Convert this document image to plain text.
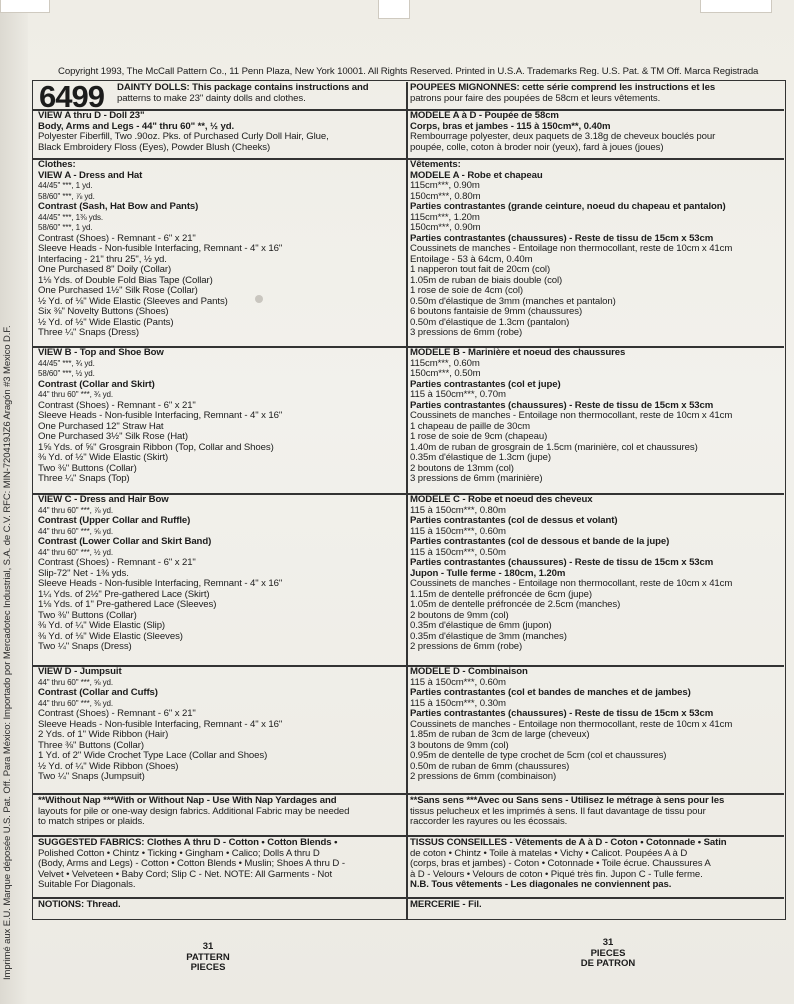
Copyright 1993, The McCall Pattern Co., 11 Penn Plaza, New York 10001. All Rights Reserved. Printed in U.S.A. Trademarks Reg. U.S. Pat. & TM Off. Marca Registrada
Imprimé aux E.U. Marque déposée U.S. Pat. Off. Para México: Importado por Mercadotec Industrial, S.A. de C.V. RFC: MIN-720419JZ6 Aragón #3 Mexico D.F.
6499 DAINTY DOLLS: This package contains instructions and
patterns to make 23" dainty dolls and clothes.
VIEW A thru D - Doll 23"
Body, Arms and Legs - 44" thru 60" **, ½ yd.
Polyester Fiberfill, Two .90oz. Pks. of Purchased Curly Doll Hair, Glue,
Black Embroidery Floss (Eyes), Powder Blush (Cheeks)
Clothes:
VIEW A - Dress and Hat
44/45" ***, 1 yd.
58/60" ***, ⅞ yd.
Contrast (Sash, Hat Bow and Pants)
44/45" ***, 1⅜ yds.
58/60" ***, 1 yd.
Contrast (Shoes) - Remnant - 6" x 21"
Sleeve Heads - Non-fusible Interfacing, Remnant - 4" x 16"
Interfacing - 21" thru 25", ½ yd.
One Purchased 8" Doily (Collar)
1⅛ Yds. of Double Fold Bias Tape (Collar)
One Purchased 1½" Silk Rose (Collar)
½ Yd. of ⅛" Wide Elastic (Sleeves and Pants)
Six ⅜" Novelty Buttons (Shoes)
½ Yd. of ½" Wide Elastic (Pants)
Three ¼" Snaps (Dress)
VIEW B - Top and Shoe Bow
44/45" ***, ¾ yd.
58/60" ***, ½ yd.
Contrast (Collar and Skirt)
44" thru 60" ***, ¾ yd.
Contrast (Shoes) - Remnant - 6" x 21"
Sleeve Heads - Non-fusible Interfacing, Remnant - 4" x 16"
One Purchased 12" Straw Hat
One Purchased 3½" Silk Rose (Hat)
1⅝ Yds. of ⅝" Grosgrain Ribbon (Top, Collar and Shoes)
⅜ Yd. of ½" Wide Elastic (Skirt)
Two ⅜" Buttons (Collar)
Three ¼" Snaps (Top)
VIEW C - Dress and Hair Bow
44" thru 60" ***, ⅞ yd.
Contrast (Upper Collar and Ruffle)
44" thru 60" ***, ⅝ yd.
Contrast (Lower Collar and Skirt Band)
44" thru 60" ***, ½ yd.
Contrast (Shoes) - Remnant - 6" x 21"
Slip-72" Net - 1⅜ yds.
Sleeve Heads - Non-fusible Interfacing, Remnant - 4" x 16"
1¼ Yds. of 2½" Pre-gathered Lace (Skirt)
1⅛ Yds. of 1" Pre-gathered Lace (Sleeves)
Two ⅜" Buttons (Collar)
⅜ Yd. of ¼" Wide Elastic (Slip)
⅜ Yd. of ⅛" Wide Elastic (Sleeves)
Two ¼" Snaps (Dress)
VIEW D - Jumpsuit
44" thru 60" ***, ⅝ yd.
Contrast (Collar and Cuffs)
44" thru 60" ***, ⅜ yd.
Contrast (Shoes) - Remnant - 6" x 21"
Sleeve Heads - Non-fusible Interfacing, Remnant - 4" x 16"
2 Yds. of 1" Wide Ribbon (Hair)
Three ⅜" Buttons (Collar)
1 Yd. of 2" Wide Crochet Type Lace (Collar and Shoes)
½ Yd. of ¼" Wide Ribbon (Shoes)
Two ¼" Snaps (Jumpsuit)
**Without Nap ***With or Without Nap - Use With Nap Yardages and
layouts for pile or one-way design fabrics. Additional Fabric may be needed
to match stripes or plaids.
SUGGESTED FABRICS: Clothes A thru D - Cotton • Cotton Blends •
Polished Cotton • Chintz • Ticking • Gingham • Calico; Dolls A thru D
(Body, Arms and Legs) - Cotton • Cotton Blends • Muslin; Shoes A thru D -
Velvet • Velveteen • Baby Cord; Slip C - Net. NOTE: All Garments - Not
Suitable For Diagonals.
NOTIONS: Thread.
31
PATTERN
PIECES
POUPEES MIGNONNES: cette série comprend les instructions et les
patrons pour faire des poupées de 58cm et leurs vêtements.
MODELE A à D - Poupée de 58cm
Corps, bras et jambes - 115 à 150cm**, 0.40m
Rembourrage polyester, deux paquets de 3.18g de cheveux bouclés pour
poupée, colle, coton à broder noir (yeux), fard à joues (joues)
Vêtements:
MODELE A - Robe et chapeau
115cm***, 0.90m
150cm***, 0.80m
Parties contrastantes (grande ceinture, noeud du chapeau et pantalon)
115cm***, 1.20m
150cm***, 0.90m
Parties contrastantes (chaussures) - Reste de tissu de 15cm x 53cm
Coussinets de manches - Entoilage non thermocollant, reste de 10cm x 41cm
Entoilage - 53 à 64cm, 0.40m
1 napperon tout fait de 20cm (col)
1.05m de ruban de biais double (col)
1 rose de soie de 4cm (col)
0.50m d'élastique de 3mm (manches et pantalon)
6 boutons fantaisie de 9mm (chaussures)
0.50m d'élastique de 1.3cm (pantalon)
3 pressions de 6mm (robe)
MODELE B - Marinière et noeud des chaussures
115cm***, 0.60m
150cm***, 0.50m
Parties contrastantes (col et jupe)
115 à 150cm***, 0.70m
Parties contrastantes (chaussures) - Reste de tissu de 15cm x 53cm
Coussinets de manches - Entoilage non thermocollant, reste de 10cm x 41cm
1 chapeau de paille de 30cm
1 rose de soie de 9cm (chapeau)
1.40m de ruban de grosgrain de 1.5cm (marinière, col et chaussures)
0.35m d'élastique de 1.3cm (jupe)
2 boutons de 13mm (col)
3 pressions de 6mm (marinière)
MODELE C - Robe et noeud des cheveux
115 à 150cm***, 0.80m
Parties contrastantes (col de dessus et volant)
115 à 150cm***, 0.60m
Parties contrastantes (col de dessous et bande de la jupe)
115 à 150cm***, 0.50m
Parties contrastantes (chaussures) - Reste de tissu de 15cm x 53cm
Jupon - Tulle ferme - 180cm, 1.20m
Coussinets de manches - Entoilage non thermocollant, reste de 10cm x 41cm
1.15m de dentelle préfroncée de 6cm (jupe)
1.05m de dentelle préfroncée de 2.5cm (manches)
2 boutons de 9mm (col)
0.35m d'élastique de 6mm (jupon)
0.35m d'élastique de 3mm (manches)
2 pressions de 6mm (robe)
MODELE D - Combinaison
115 à 150cm***, 0.60m
Parties contrastantes (col et bandes de manches et de jambes)
115 à 150cm***, 0.30m
Parties contrastantes (chaussures) - Reste de tissu de 15cm x 53cm
Coussinets de manches - Entoilage non thermocollant, reste de 10cm x 41cm
1.85m de ruban de 3cm de large (cheveux)
3 boutons de 9mm (col)
0.95m de dentelle de type crochet de 5cm (col et chaussures)
0.50m de ruban de 6mm (chaussures)
2 pressions de 6mm (combinaison)
**Sans sens ***Avec ou Sans sens - Utilisez le métrage à sens pour les
tissus pelucheux et les imprimés à sens. Il faut davantage de tissu pour
raccorder les rayures ou les écossais.
TISSUS CONSEILLES - Vêtements de A à D - Coton • Cotonnade • Satin
de coton • Chintz • Toile à matelas • Vichy • Calicot. Poupées A à D
(corps, bras et jambes) - Coton • Cotonnade • Toile écrue. Chaussures A
à D - Velours • Velours de coton • Piqué très fin. Jupon C - Tulle ferme.
N.B. Tous vêtements - Les diagonales ne conviennent pas.
MERCERIE - Fil.
31
PIECES
DE PATRON
